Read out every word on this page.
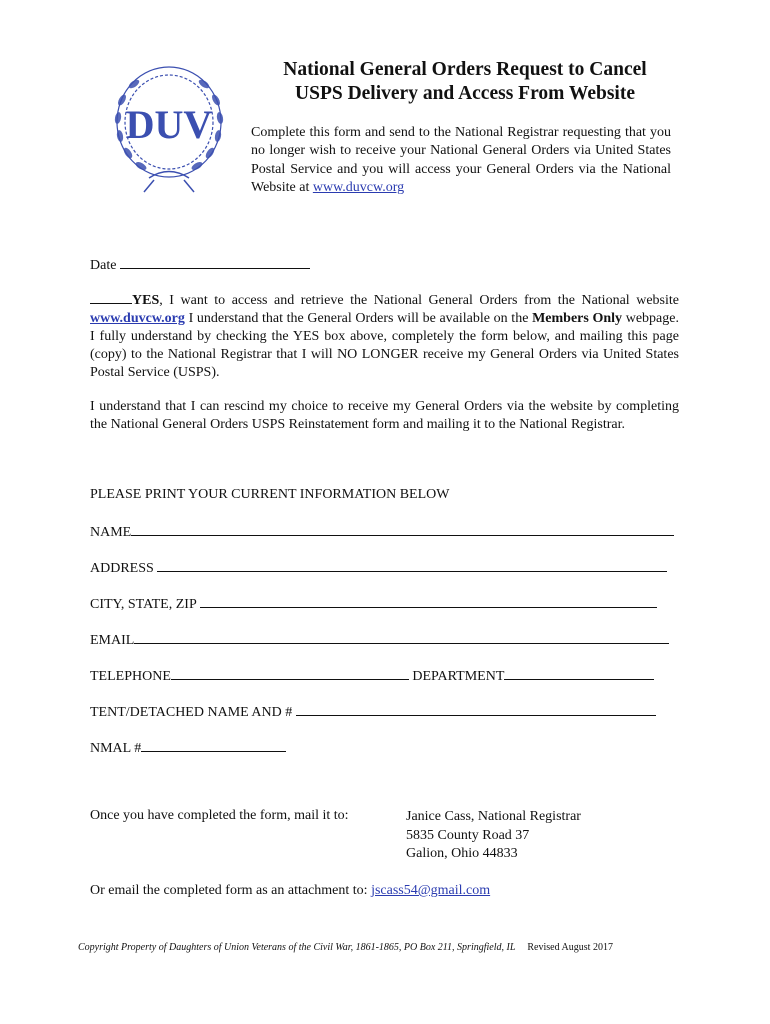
DUV
National General Orders Request to Cancel
USPS Delivery and Access From Website
Complete this form and send to the National Registrar requesting that you no longer wish to receive your National General Orders via United States Postal Service and you will access your General Orders via the National Website at www.duvcw.org
Date
YES, I want to access and retrieve the National General Orders from the National website www.duvcw.org I understand that the General Orders will be available on the Members Only webpage. I fully understand by checking the YES box above, completely the form below, and mailing this page (copy) to the National Registrar that I will NO LONGER receive my General Orders via United States Postal Service (USPS).
I understand that I can rescind my choice to receive my General Orders via the website by completing the National General Orders USPS Reinstatement form and mailing it to the National Registrar.
PLEASE PRINT YOUR CURRENT INFORMATION BELOW
NAME
ADDRESS
CITY, STATE, ZIP
EMAIL
TELEPHONE	DEPARTMENT
TENT/DETACHED NAME AND #
NMAL #
Once you have completed the form, mail it to:	Janice Cass, National Registrar
5835 County Road 37
Galion, Ohio 44833
Or email the completed form as an attachment to: jscass54@gmail.com
Copyright Property of Daughters of Union Veterans of the Civil War, 1861-1865, PO Box 211, Springfield, IL Revised August 2017
